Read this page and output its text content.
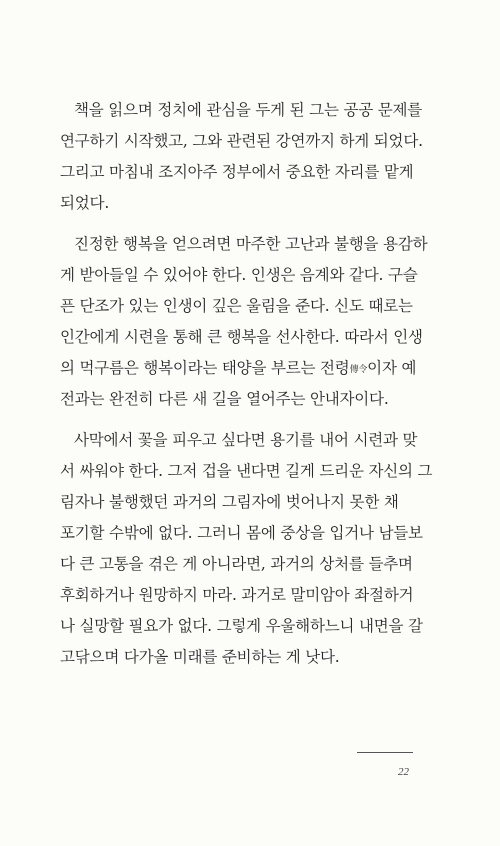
책을 읽으며 정치에 관심을 두게 된 그는 공공 문제를
연구하기 시작했고, 그와 관련된 강연까지 하게 되었다.
그리고 마침내 조지아주 정부에서 중요한 자리를 맡게
되었다.
진정한 행복을 얻으려면 마주한 고난과 불행을 용감하
게 받아들일 수 있어야 한다. 인생은 음계와 같다. 구슬
픈 단조가 있는 인생이 깊은 울림을 준다. 신도 때로는
인간에게 시련을 통해 큰 행복을 선사한다. 따라서 인생
의 먹구름은 행복이라는 태양을 부르는 전령傳令이자 예
전과는 완전히 다른 새 길을 열어주는 안내자이다.
사막에서 꽃을 피우고 싶다면 용기를 내어 시련과 맞
서 싸워야 한다. 그저 겁을 낸다면 길게 드리운 자신의 그
림자나 불행했던 과거의 그림자에 벗어나지 못한 채
포기할 수밖에 없다. 그러니 몸에 중상을 입거나 남들보
다 큰 고통을 겪은 게 아니라면, 과거의 상처를 들추며
후회하거나 원망하지 마라. 과거로 말미암아 좌절하거
나 실망할 필요가 없다. 그렇게 우울해하느니 내면을 갈
고닦으며 다가올 미래를 준비하는 게 낫다.
22
